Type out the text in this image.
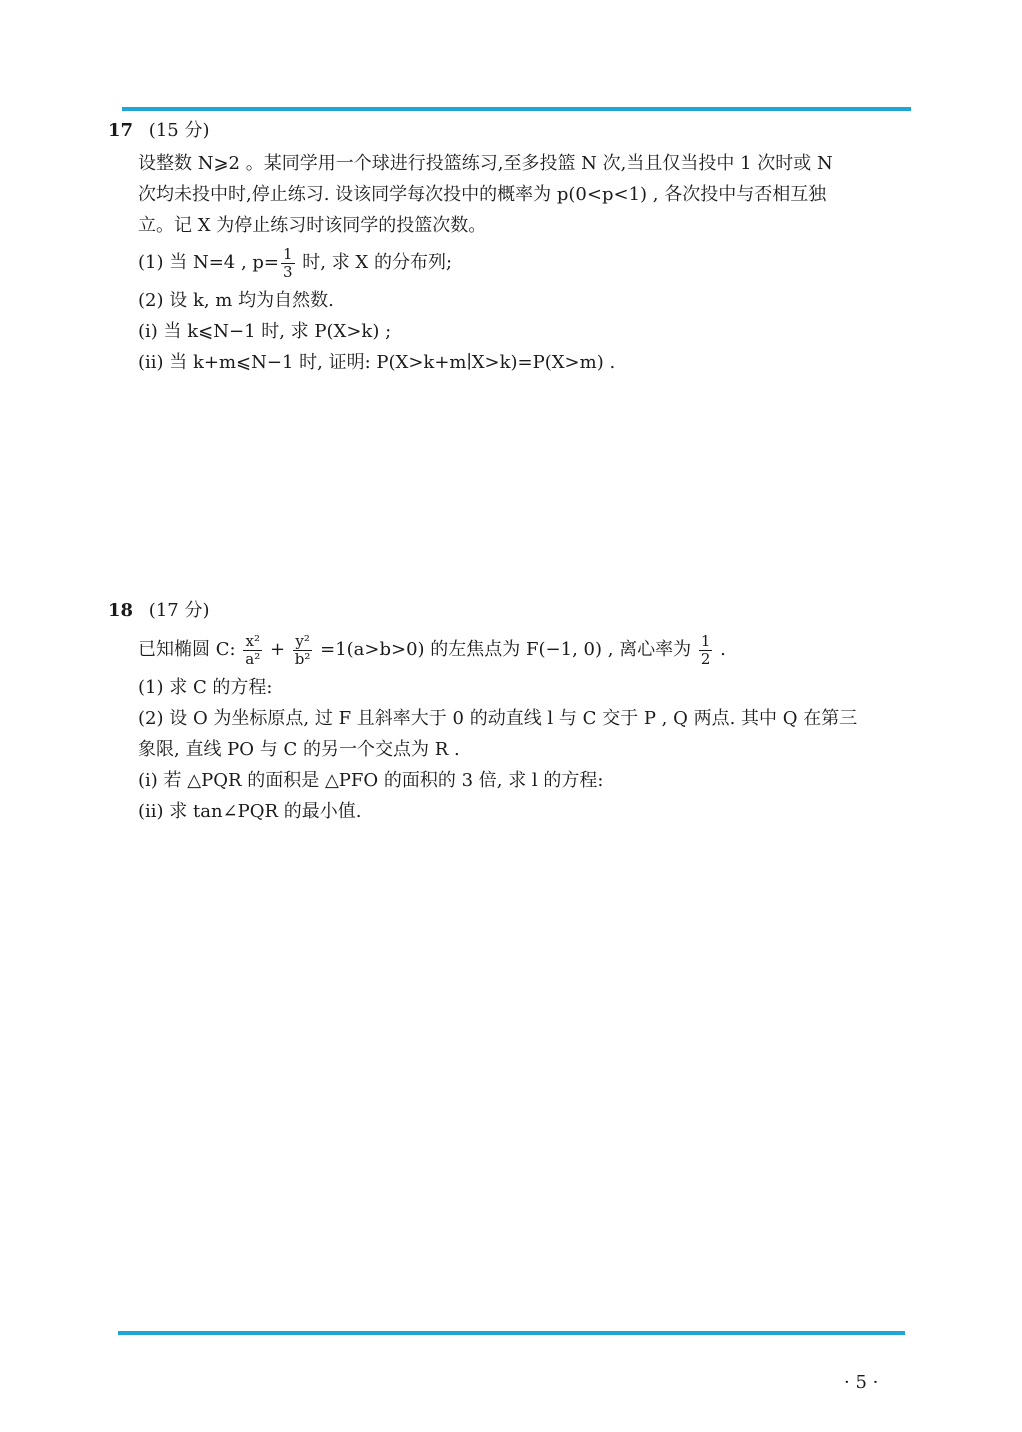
17 (15 分)
设整数 N⩾2 。某同学用一个球进行投篮练习,至多投篮 N 次,当且仅当投中 1 次时或 N
次均未投中时,停止练习. 设该同学每次投中的概率为 p(0<p<1) , 各次投中与否相互独
立。记 X 为停止练习时该同学的投篮次数。
(1) 当 N=4 , $p= \frac{1}{3}$ 时, 求 X 的分布列;
(2) 设 k, m 均为自然数.
(i) 当 k⩽N−1 时, 求 P(X>k) ;
(ii) 当 k+m⩽N−1 时, 证明: P(X>k+m∣X>k)=P(X>m) .
18 (17 分)
已知椭圆 C: $\frac{\text{x²}}{\text{a²}} + \frac{\text{y²}}{\text{b²}} =1(a>b>0)$ 的左焦点为 F(−1, 0) , 离心率为 $\frac{1}{2}$ .
(1) 求 C 的方程:
(2) 设 O 为坐标原点, 过 F 且斜率大于 0 的动直线 l 与 C 交于 P , Q 两点. 其中 Q 在第三
象限, 直线 PO 与 C 的另一个交点为 R .
(i) 若 △PQR 的面积是 △PFO 的面积的 3 倍, 求 l 的方程:
(ii) 求 tan∠PQR 的最小值.
· 5 ·
